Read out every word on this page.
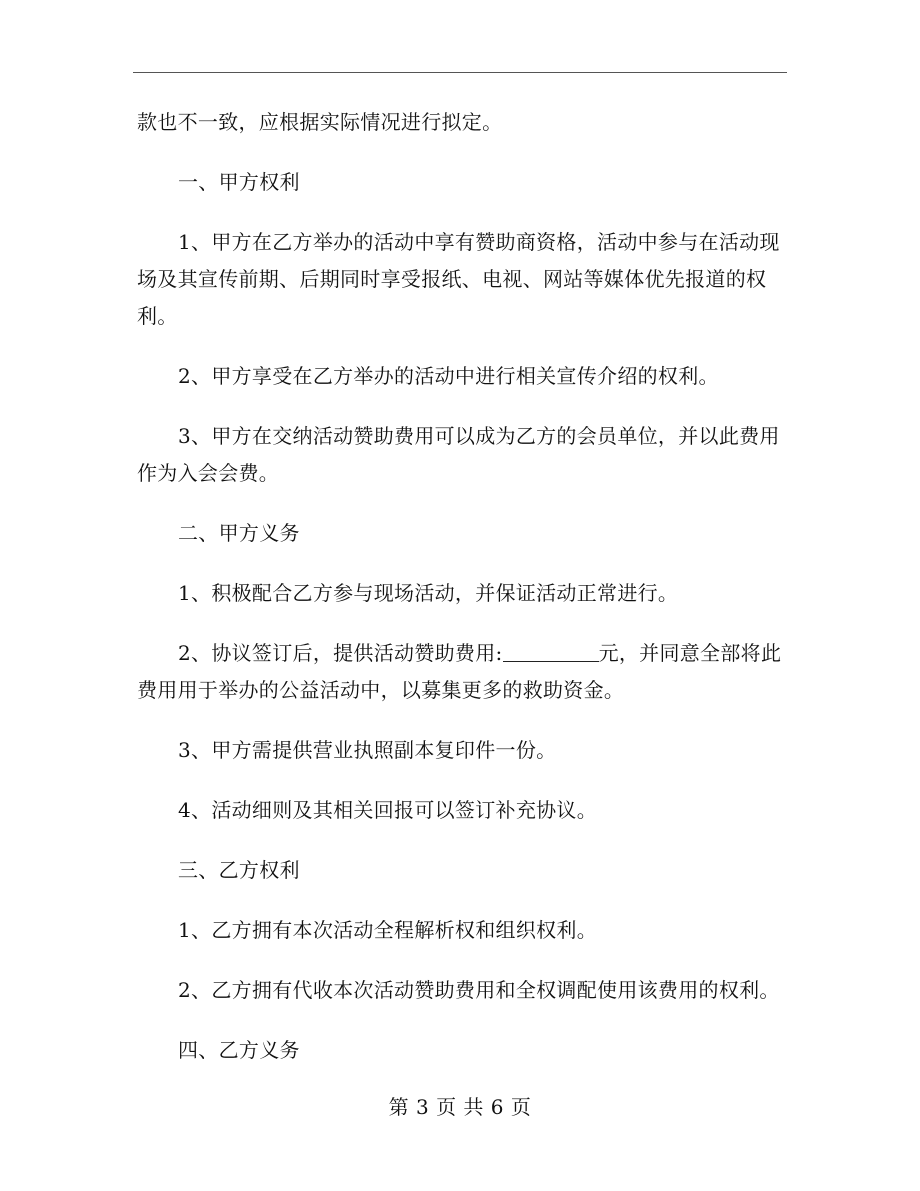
款也不一致，应根据实际情况进行拟定。

一、甲方权利

1、甲方在乙方举办的活动中享有赞助商资格，活动中参与在活动现场及其宣传前期、后期同时享受报纸、电视、网站等媒体优先报道的权利。

2、甲方享受在乙方举办的活动中进行相关宣传介绍的权利。

3、甲方在交纳活动赞助费用可以成为乙方的会员单位，并以此费用作为入会会费。

二、甲方义务

1、积极配合乙方参与现场活动，并保证活动正常进行。

2、协议签订后，提供活动赞助费用:	元，并同意全部将此费用用于举办的公益活动中，以募集更多的救助资金。

3、甲方需提供营业执照副本复印件一份。

4、活动细则及其相关回报可以签订补充协议。

三、乙方权利

1、乙方拥有本次活动全程解析权和组织权利。

2、乙方拥有代收本次活动赞助费用和全权调配使用该费用的权利。

四、乙方义务

第 3 页 共 6 页
